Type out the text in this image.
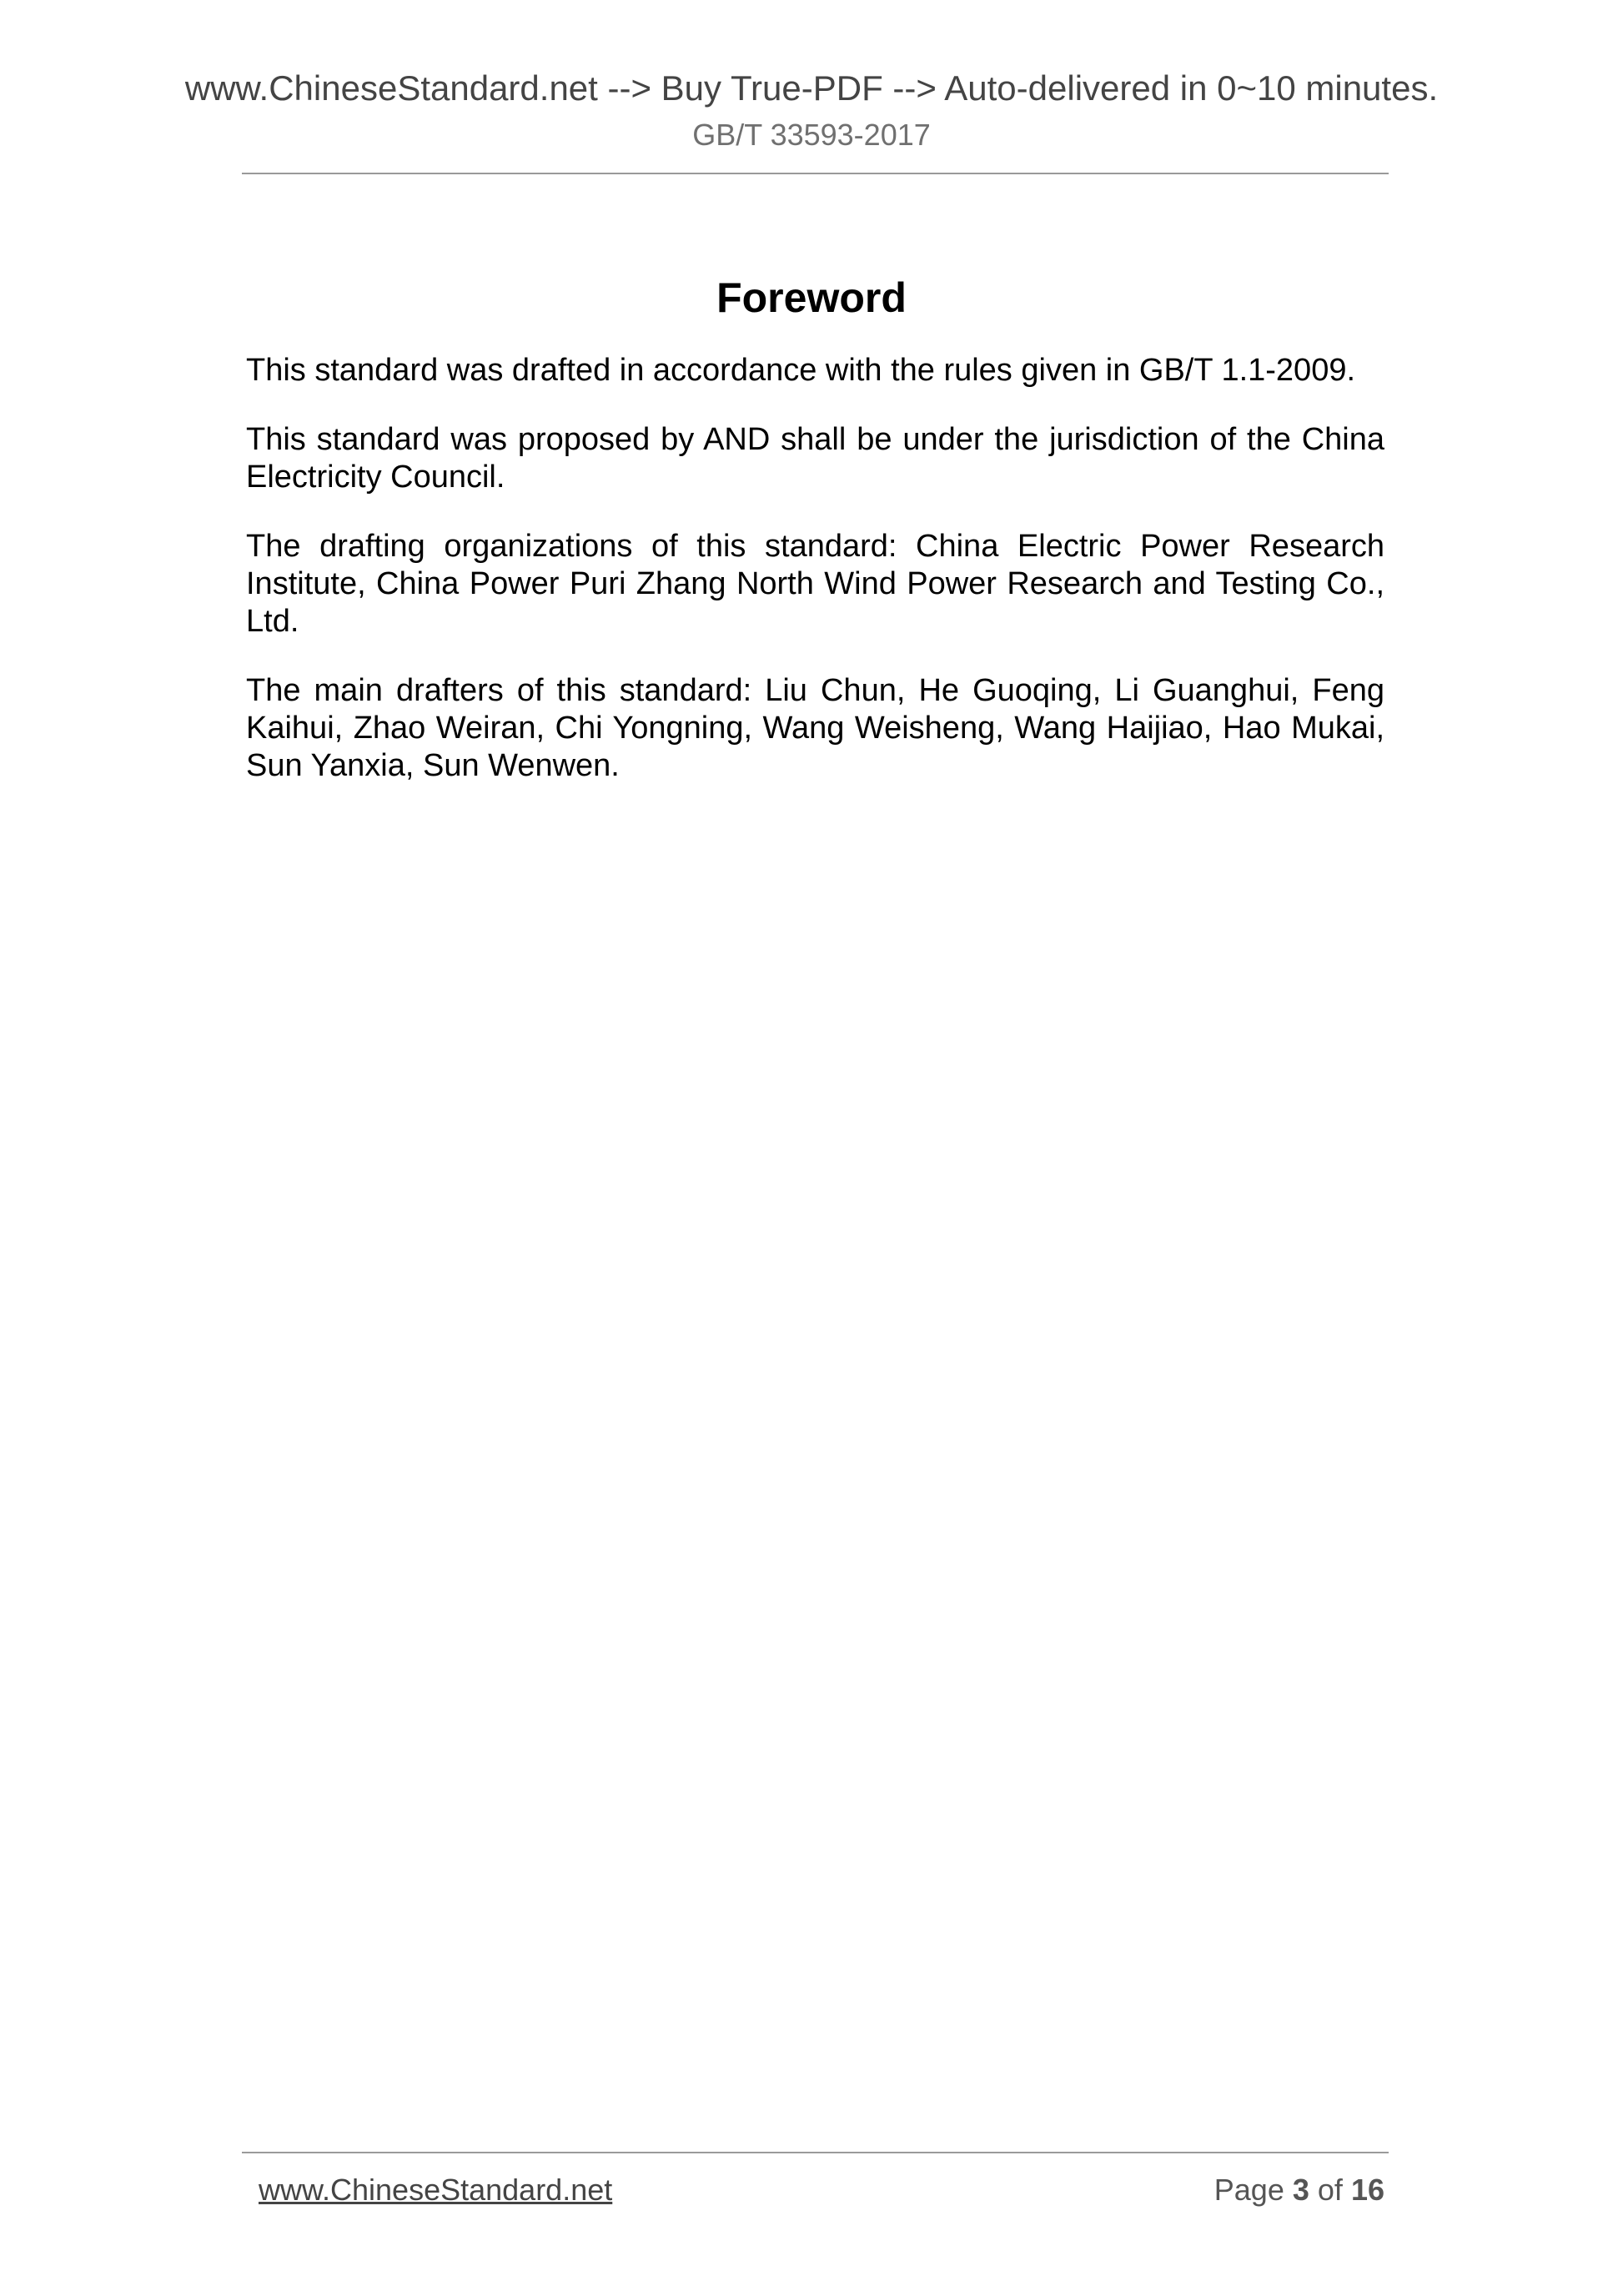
www.ChineseStandard.net --> Buy True-PDF --> Auto-delivered in 0~10 minutes.
GB/T 33593-2017
Foreword

This standard was drafted in accordance with the rules given in GB/T 1.1-2009.

This standard was proposed by AND shall be under the jurisdiction of the China Electricity Council.

The drafting organizations of this standard: China Electric Power Research Institute, China Power Puri Zhang North Wind Power Research and Testing Co., Ltd.

The main drafters of this standard: Liu Chun, He Guoqing, Li Guanghui, Feng Kaihui, Zhao Weiran, Chi Yongning, Wang Weisheng, Wang Haijiao, Hao Mukai, Sun Yanxia, Sun Wenwen.

www.ChineseStandard.net	Page 3 of 16
